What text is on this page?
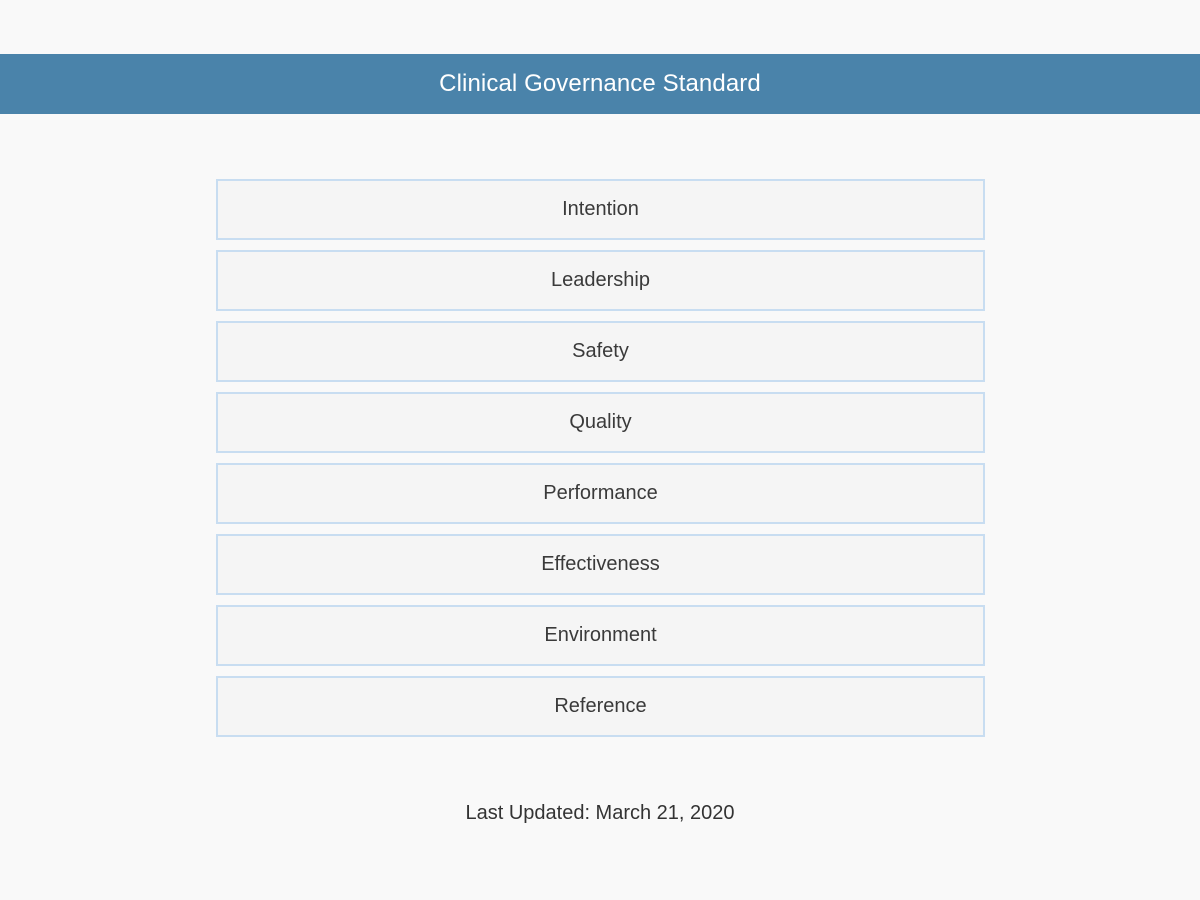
Clinical Governance Standard
Intention
Leadership
Safety
Quality
Performance
Effectiveness
Environment
Reference
Last Updated: March 21, 2020
